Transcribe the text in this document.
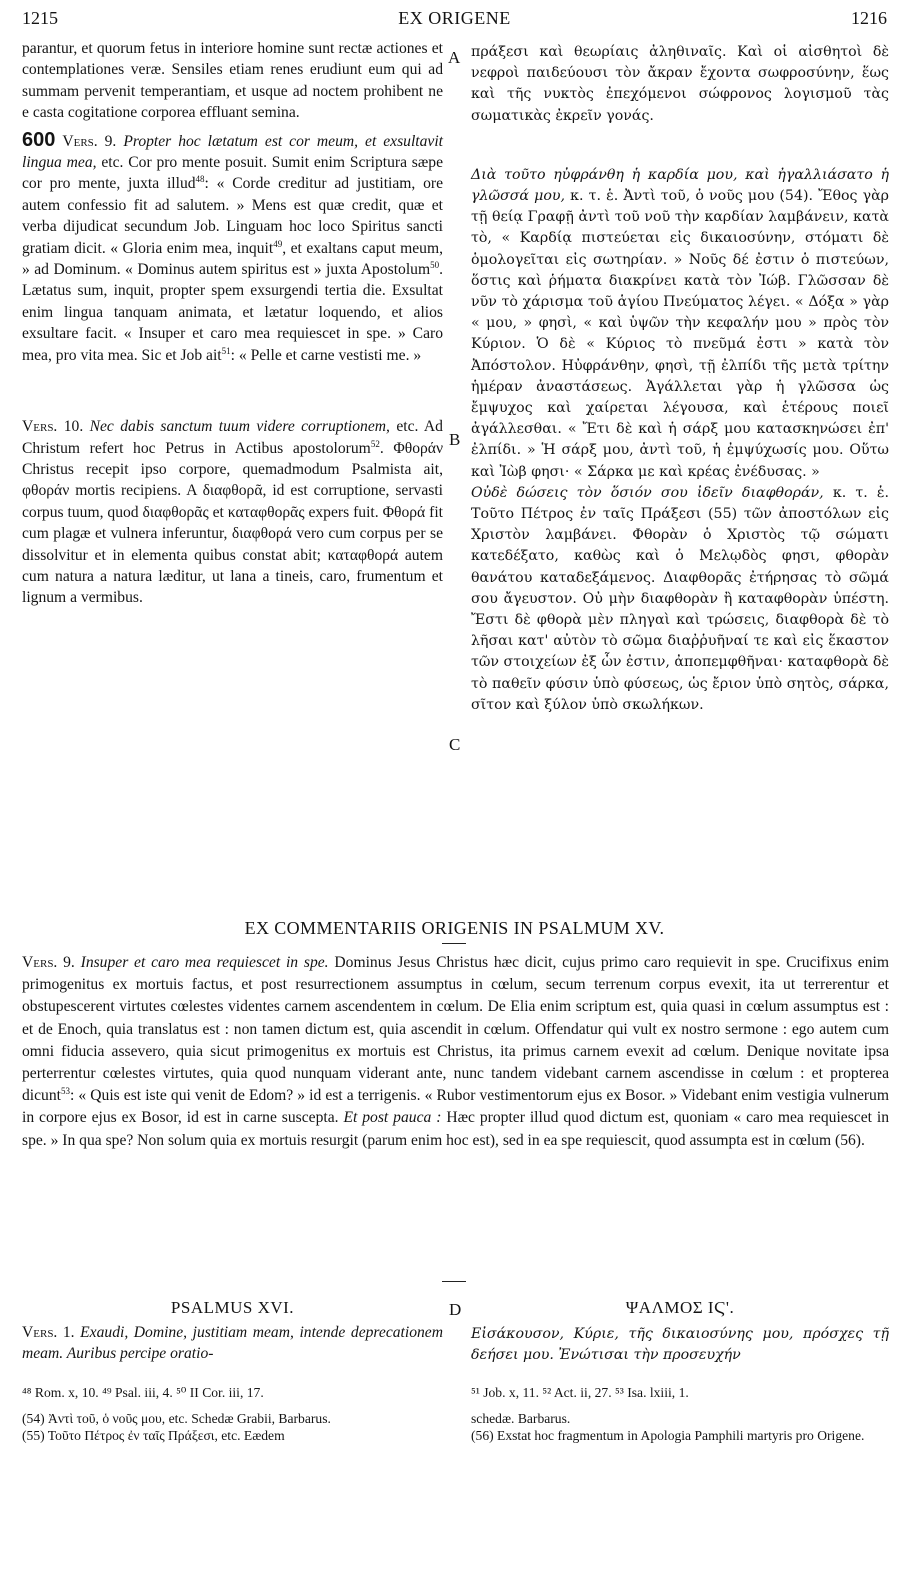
1215	EX ORIGENE	1216

parantur, et quorum fetus in interiore homine sunt rectæ actiones et contemplationes veræ. Sensiles etiam renes erudiunt eum qui ad summam pervenit temperantiam, et usque ad noctem prohibent ne e casta cogitatione corporea effluant semina.

600 Vers. 9. Propter hoc lætatum est cor meum, et exsultavit lingua mea, etc. Cor pro mente posuit. Sumit enim Scriptura sæpe cor pro mente, juxta illud$^{48}$: « Corde creditur ad justitiam, ore autem confessio fit ad salutem. » Mens est quæ credit, quæ et verba dijudicat secundum Job. Linguam hoc loco Spiritus sancti gratiam dicit. « Gloria enim mea, inquit$^{49}$, et exaltans caput meum, » ad Dominum. « Dominus autem spiritus est » juxta Apostolum$^{50}$. Lætatus sum, inquit, propter spem exsurgendi tertia die. Exsultat enim lingua tanquam animata, et lætatur loquendo, et alios exsultare facit. « Insuper et caro mea requiescet in spe. » Caro mea, pro vita mea. Sic et Job ait$^{51}$: « Pelle et carne vestisti me. »

Vers. 10. Nec dabis sanctum tuum videre corruptionem, etc. Ad Christum refert hoc Petrus in Actibus apostolorum$^{52}$. Φθοράν Christus recepit ipso corpore, quemadmodum Psalmista ait, φθοράν mortis recipiens. A διαφθορᾶ, id est corruptione, servasti corpus tuum, quod διαφθορᾶς et καταφθορᾶς expers fuit. Φθορά fit cum plagæ et vulnera inferuntur, διαφθορά vero cum corpus per se dissolvitur et in elementa quibus constat abit; καταφθορά autem cum natura a natura læditur, ut lana a tineis, caro, frumentum et lignum a vermibus.

πράξεσι καὶ θεωρίαις ἀληθιναῖς. Καὶ οἱ αἰσθητοὶ δὲ νεφροὶ παιδεύουσι τὸν ἄκραν ἔχοντα σωφροσύνην, ἕως καὶ τῆς νυκτὸς ἐπεχόμενοι σώφρονος λογισμοῦ τὰς σωματικὰς ἐκρεῖν γονάς.

Διὰ τοῦτο ηὐφράνθη ἡ καρδία μου, καὶ ἠγαλλιάσατο ἡ γλῶσσά μου, κ. τ. ἑ. Ἀντὶ τοῦ, ὁ νοῦς μου (54). Ἔθος γὰρ τῇ θείᾳ Γραφῇ ἀντὶ τοῦ νοῦ τὴν καρδίαν λαμβάνειν, κατὰ τὸ, « Καρδίᾳ πιστεύεται εἰς δικαιοσύνην, στόματι δὲ ὁμολογεῖται εἰς σωτηρίαν. » Νοῦς δέ ἐστιν ὁ πιστεύων, ὅστις καὶ ῥήματα διακρίνει κατὰ τὸν Ἰώβ. Γλῶσσαν δὲ νῦν τὸ χάρισμα τοῦ ἁγίου Πνεύματος λέγει. « Δόξα » γὰρ « μου, » φησὶ, « καὶ ὑψῶν τὴν κεφαλήν μου » πρὸς τὸν Κύριον. Ὁ δὲ « Κύριος τὸ πνεῦμά ἐστι » κατὰ τὸν Ἀπόστολον. Ηὐφράνθην, φησὶ, τῇ ἐλπίδι τῆς μετὰ τρίτην ἡμέραν ἀναστάσεως. Ἀγάλλεται γὰρ ἡ γλῶσσα ὡς ἔμψυχος καὶ χαίρεται λέγουσα, καὶ ἑτέρους ποιεῖ ἀγάλλεσθαι. « Ἔτι δὲ καὶ ἡ σάρξ μου κατασκηνώσει ἐπ' ἐλπίδι. » Ἡ σάρξ μου, ἀντὶ τοῦ, ἡ ἐμψύχωσίς μου. Οὕτω καὶ Ἰὼβ φησι· « Σάρκα με καὶ κρέας ἐνέδυσας. »

Οὐδὲ δώσεις τὸν ὅσιόν σου ἰδεῖν διαφθοράν, κ. τ. ἑ. Τοῦτο Πέτρος ἐν ταῖς Πράξεσι (55) τῶν ἀποστόλων εἰς Χριστὸν λαμβάνει. Φθορὰν ὁ Χριστὸς τῷ σώματι κατεδέξατο, καθὼς καὶ ὁ Μελῳδὸς φησι, φθορὰν θανάτου καταδεξάμενος. Διαφθορᾶς ἐτήρησας τὸ σῶμά σου ἄγευστον. Οὐ μὴν διαφθορὰν ἢ καταφθορὰν ὑπέστη. Ἔστι δὲ φθορὰ μὲν πληγαὶ καὶ τρώσεις, διαφθορὰ δὲ τὸ λῆσαι κατ' αὐτὸν τὸ σῶμα διαῤῥυῆναί τε καὶ εἰς ἕκαστον τῶν στοιχείων ἐξ ὧν ἐστιν, ἀποπεμφθῆναι· καταφθορὰ δὲ τὸ παθεῖν φύσιν ὑπὸ φύσεως, ὡς ἔριον ὑπὸ σητὸς, σάρκα, σῖτον καὶ ξύλον ὑπὸ σκωλήκων.

A
B
C
D
EX COMMENTARIIS ORIGENIS IN PSALMUM XV.

Vers. 9. Insuper et caro mea requiescet in spe. Dominus Jesus Christus hæc dicit, cujus primo caro requievit in spe. Crucifixus enim primogenitus ex mortuis factus, et post resurrectionem assumptus in cœlum, secum terrenum corpus evexit, ita ut terrerentur et obstupescerent virtutes cœlestes videntes carnem ascendentem in cœlum. De Elia enim scriptum est, quia quasi in cœlum assumptus est : et de Enoch, quia translatus est : non tamen dictum est, quia ascendit in cœlum. Offendatur qui vult ex nostro sermone : ego autem cum omni fiducia assevero, quia sicut primogenitus ex mortuis est Christus, ita primus carnem evexit ad cœlum. Denique novitate ipsa perterrentur cœlestes virtutes, quia quod nunquam viderant ante, nunc tandem videbant carnem ascendisse in cœlum : et propterea dicunt$^{53}$: « Quis est iste qui venit de Edom? » id est a terrigenis. « Rubor vestimentorum ejus ex Bosor. » Videbant enim vestigia vulnerum in corpore ejus ex Bosor, id est in carne suscepta. Et post pauca : Hæc propter illud quod dictum est, quoniam « caro mea requiescet in spe. » In qua spe? Non solum quia ex mortuis resurgit (parum enim hoc est), sed in ea spe requiescit, quod assumpta est in cœlum (56).

PSALMUS XVI.	ΨΑΛΜΟΣ ΙϚ'.

Vers. 1. Exaudi, Domine, justitiam meam, intende deprecationem meam. Auribus percipe oratio-

Εἰσάκουσον, Κύριε, τῆς δικαιοσύνης μου, πρόσχες τῇ δεήσει μου. Ἐνώτισαι τὴν προσευχήν

⁴⁸ Rom. x, 10. ⁴⁹ Psal. iii, 4. ⁵⁰ II Cor. iii, 17.	⁵¹ Job. x, 11. ⁵² Act. ii, 27. ⁵³ Isa. lxiii, 1.

(54) Ἀντὶ τοῦ, ὁ νοῦς μου, etc. Schedæ Grabii, Barbarus.

(55) Τοῦτο Πέτρος ἐν ταῖς Πράξεσι, etc. Eædem

schedæ. Barbarus.

(56) Exstat hoc fragmentum in Apologia Pamphili martyris pro Origene.
